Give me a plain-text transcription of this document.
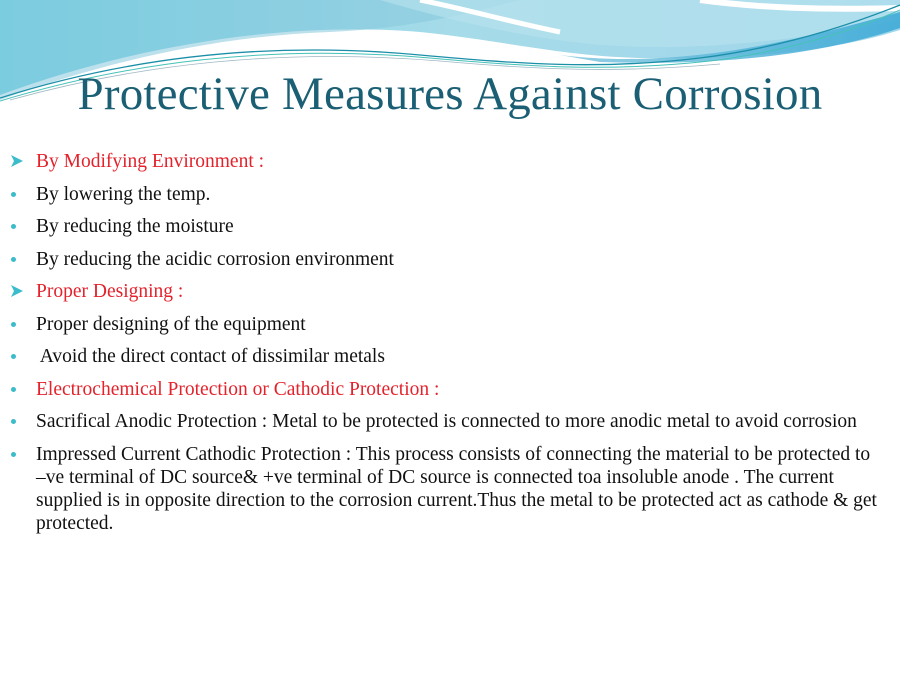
Protective Measures Against Corrosion
By Modifying Environment :
By lowering the temp.
By reducing the moisture
By reducing the acidic corrosion environment
Proper Designing :
Proper designing of the equipment
Avoid the direct contact of dissimilar metals
Electrochemical Protection or Cathodic Protection :
Sacrifical Anodic Protection : Metal to be protected is connected to more anodic metal to avoid corrosion
Impressed Current Cathodic Protection : This process consists of connecting the material to be protected to –ve terminal of DC source& +ve terminal of DC source is connected toa insoluble anode . The current supplied is in opposite direction to the corrosion current.Thus the metal to be protected act as cathode & get protected.
